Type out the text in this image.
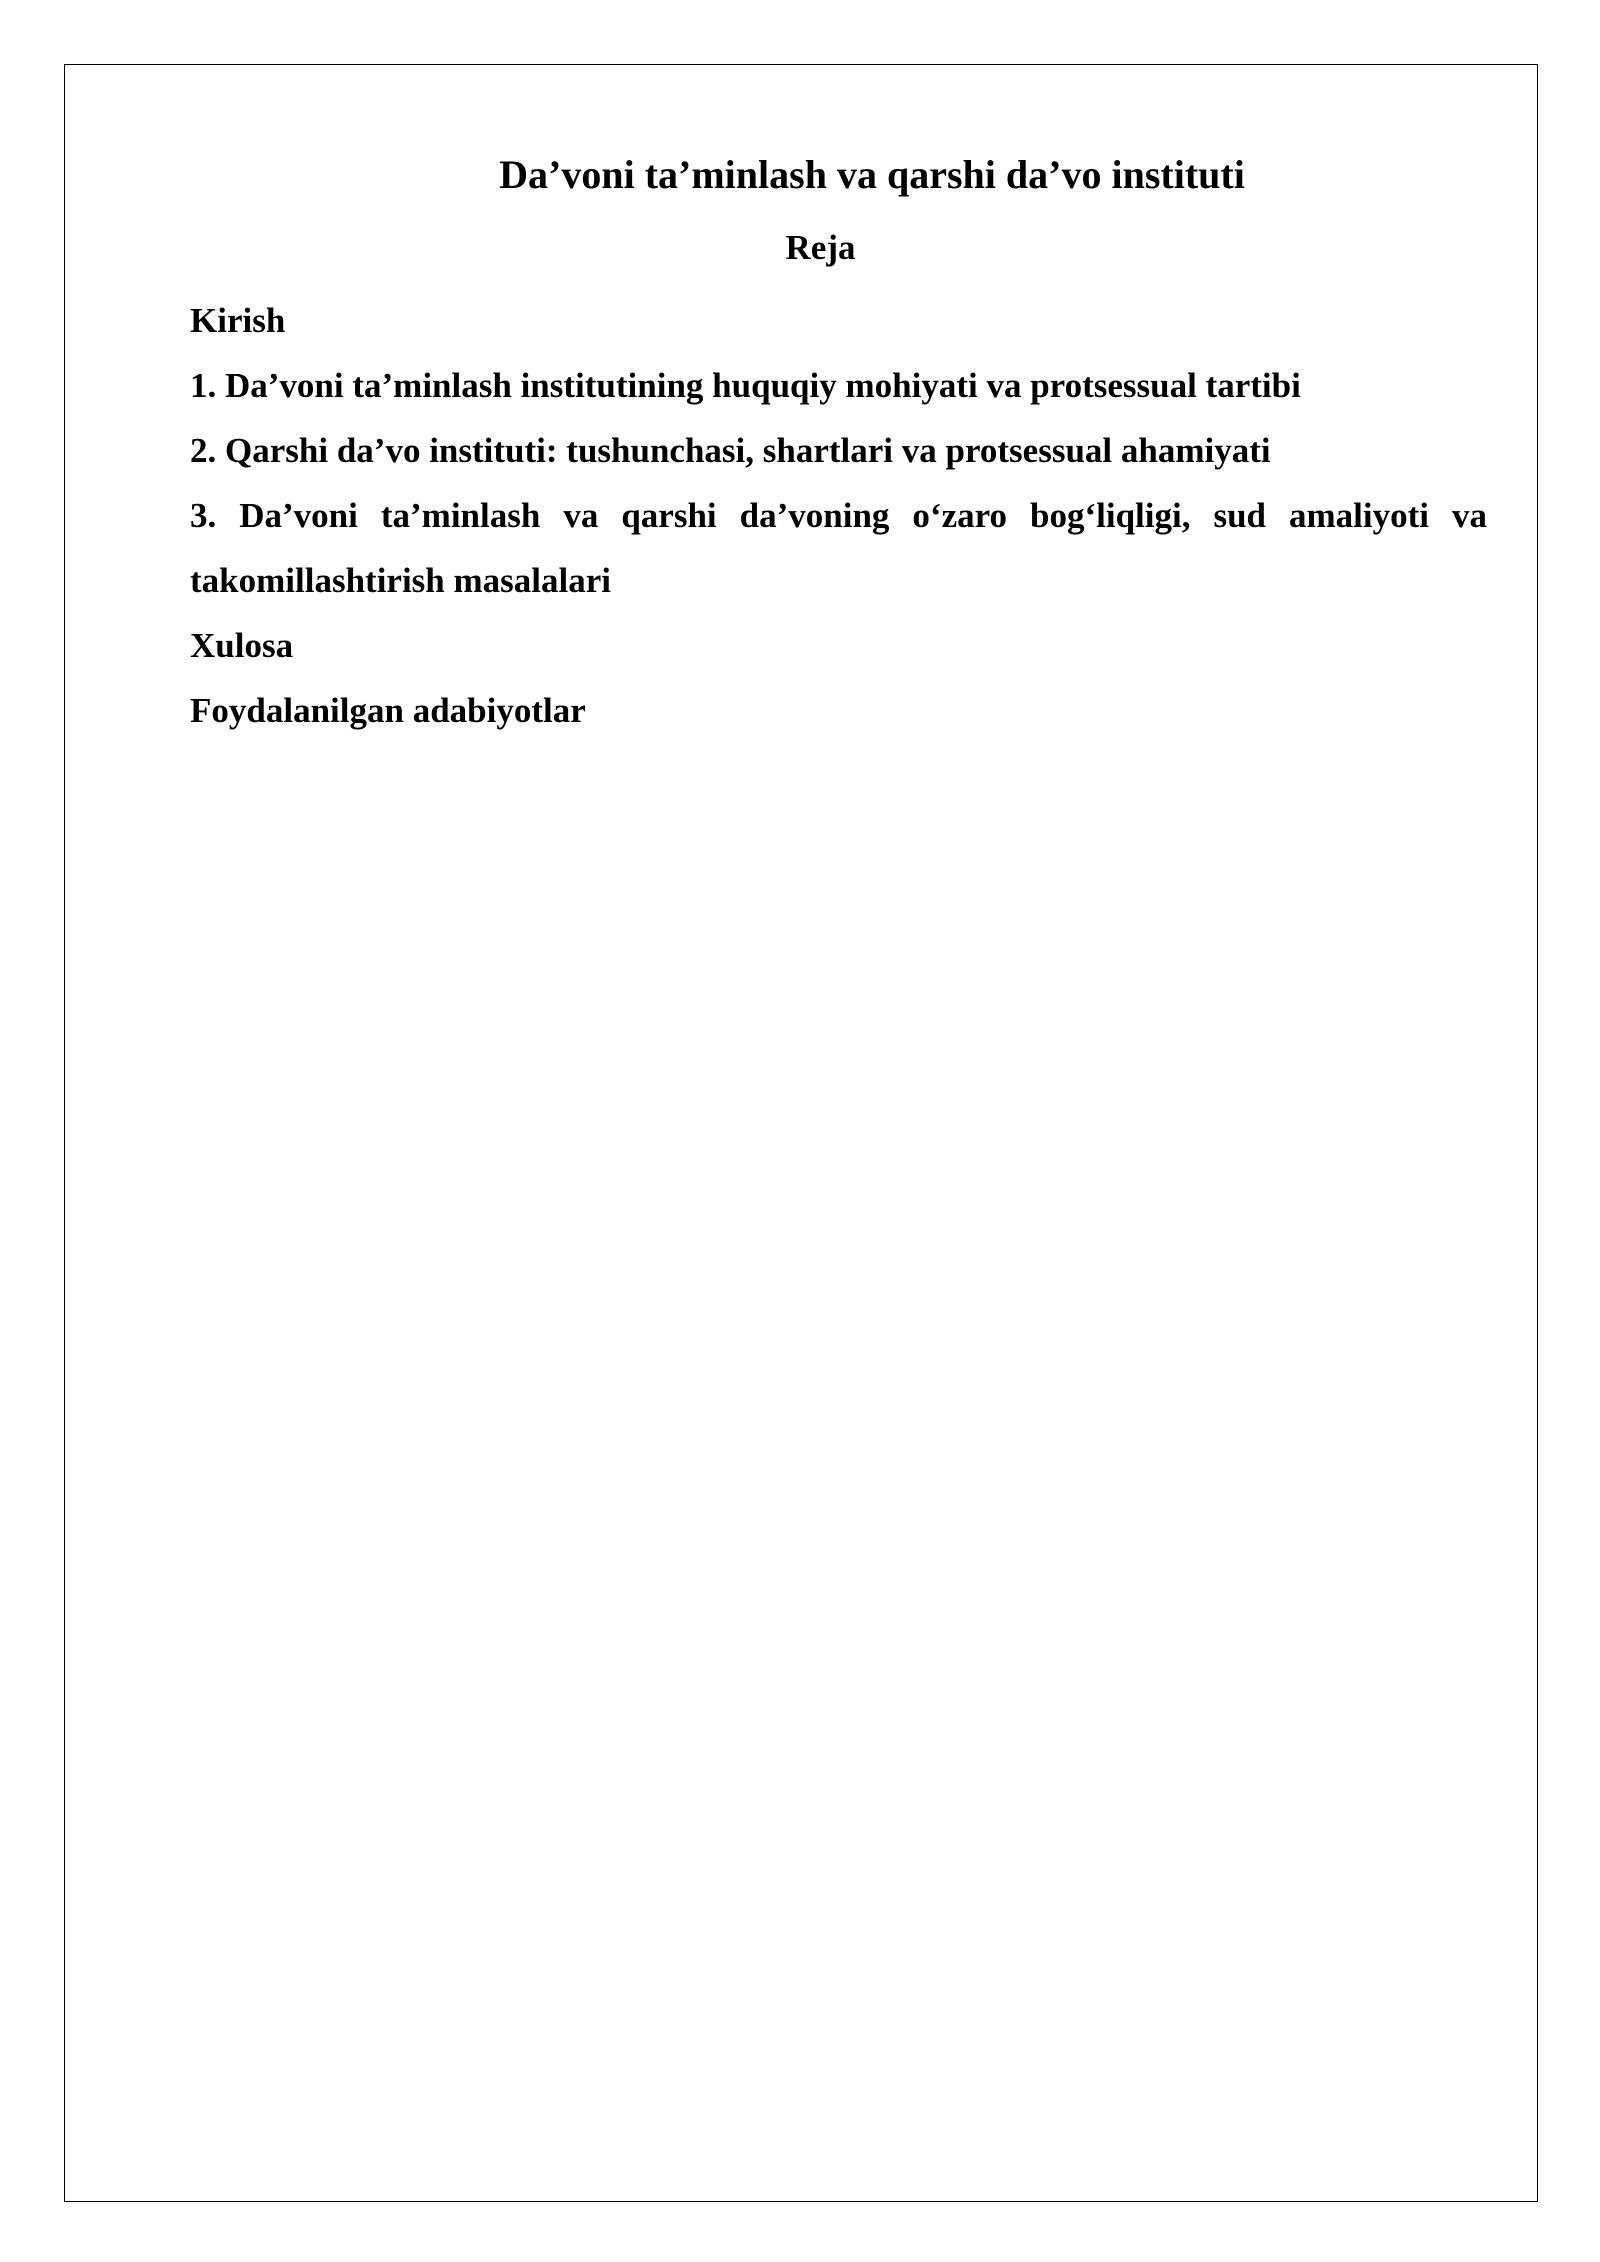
Da’voni ta’minlash va qarshi da’vo instituti
Reja
Kirish
1. Da’voni ta’minlash institutining huquqiy mohiyati va protsessual tartibi
2. Qarshi da’vo instituti: tushunchasi, shartlari va protsessual ahamiyati
3. Da’voni ta’minlash va qarshi da’voning o‘zaro bog‘liqligi, sud amaliyoti va takomillashtirish masalalari
Xulosa
Foydalanilgan adabiyotlar
